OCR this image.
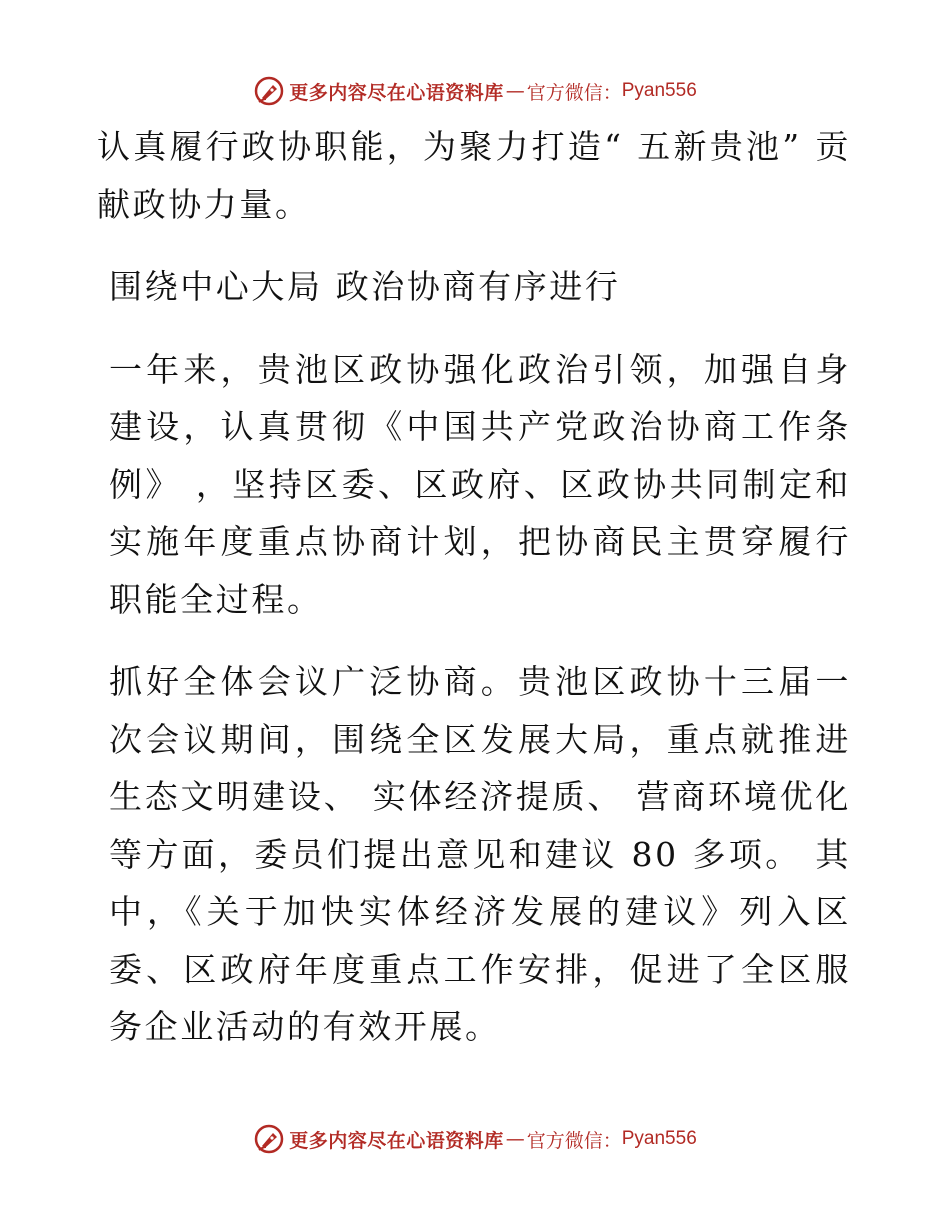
更多内容尽在心语资料库 — 官方微信： Pyan556

认真履行政协职能，为聚力打造“ 五新贵池” 贡献政协力量。

围绕中心大局 政治协商有序进行

一年来，贵池区政协强化政治引领，加强自身建设，认真贯彻《中国共产党政治协商工作条例》 ，坚持区委、区政府、区政协共同制定和实施年度重点协商计划，把协商民主贯穿履行职能全过程。

抓好全体会议广泛协商。贵池区政协十三届一次会议期间，围绕全区发展大局，重点就推进生态文明建设、 实体经济提质、 营商环境优化等方面，委员们提出意见和建议 80 多项。 其中，《关于加快实体经济发展的建议》列入区委、区政府年度重点工作安排，促进了全区服务企业活动的有效开展。

更多内容尽在心语资料库 — 官方微信： Pyan556
